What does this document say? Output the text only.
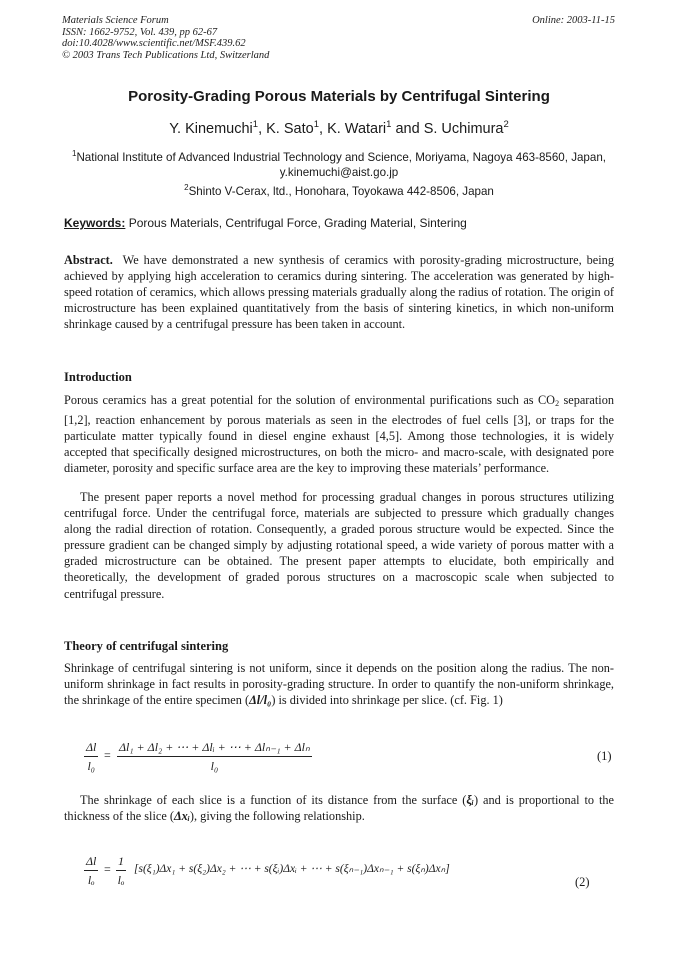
Materials Science Forum
ISSN: 1662-9752, Vol. 439, pp 62-67
doi:10.4028/www.scientific.net/MSF.439.62
© 2003 Trans Tech Publications Ltd, Switzerland
Online: 2003-11-15
Porosity-Grading Porous Materials by Centrifugal Sintering
Y. Kinemuchi$^1$, K. Sato$^1$, K. Watari$^1$ and S. Uchimura$^2$
$^1$National Institute of Advanced Industrial Technology and Science, Moriyama, Nagoya 463-8560, Japan, y.kinemuchi@aist.go.jp
$^2$Shinto V-Cerax, ltd., Honohara, Toyokawa 442-8506, Japan
Keywords: Porous Materials, Centrifugal Force, Grading Material, Sintering
Abstract. We have demonstrated a new synthesis of ceramics with porosity-grading microstructure, being achieved by applying high acceleration to ceramics during sintering. The acceleration was generated by high-speed rotation of ceramics, which allows pressing materials gradually along the radius of rotation. The origin of microstructure has been explained quantitatively from the basis of sintering kinetics, in which non-uniform shrinkage caused by a centrifugal pressure has been taken in account.
Introduction
Porous ceramics has a great potential for the solution of environmental purifications such as $CO_2$ separation [1,2], reaction enhancement by porous materials as seen in the electrodes of fuel cells [3], or traps for the particulate matter typically found in diesel engine exhaust [4,5]. Among those technologies, it is widely accepted that specifically designed microstructures, on both the micro- and macro-scale, with designated pore diameter, porosity and specific surface area are the key to improving these materials’ performance.
The present paper reports a novel method for processing gradual changes in porous structures utilizing centrifugal force. Under the centrifugal force, materials are subjected to pressure which gradually changes along the radial direction of rotation. Consequently, a graded porous structure would be expected. Since the pressure gradient can be changed simply by adjusting rotational speed, a wide variety of porous matter with a graded microstructure can be obtained. The present paper attempts to elucidate, both empirically and theoretically, the development of graded porous structures on a macroscopic scale when subjected to centrifugal pressure.
Theory of centrifugal sintering
Shrinkage of centrifugal sintering is not uniform, since it depends on the position along the radius. The non-uniform shrinkage in fact results in porosity-grading structure. In order to quantify the non-uniform shrinkage, the shrinkage of the entire specimen (Δl/l₀) is divided into shrinkage per slice. (cf. Fig. 1)
$\frac{\Delta l}{\text{l₀}}$ =
Δl₁ + Δl₂ + ⋯ + Δlᵢ + ⋯ + Δlₙ₋₁ + Δlₙ
l₀
(1)
The shrinkage of each slice is a function of its distance from the surface (ξᵢ) and is proportional to the thickness of the slice (Δxᵢ), giving the following relationship.
$\frac{\Delta l}{\text{lₒ}} = \frac{1}{\text{lₒ}} [s(\xi_1)\Delta x_1 + s(\xi_2)\Delta x_2$ + ⋯ + s(ξᵢ)Δxᵢ + ⋯ + s(ξₙ₋₁)Δxₙ₋₁ + s(ξₙ)Δxₙ]
(2)
